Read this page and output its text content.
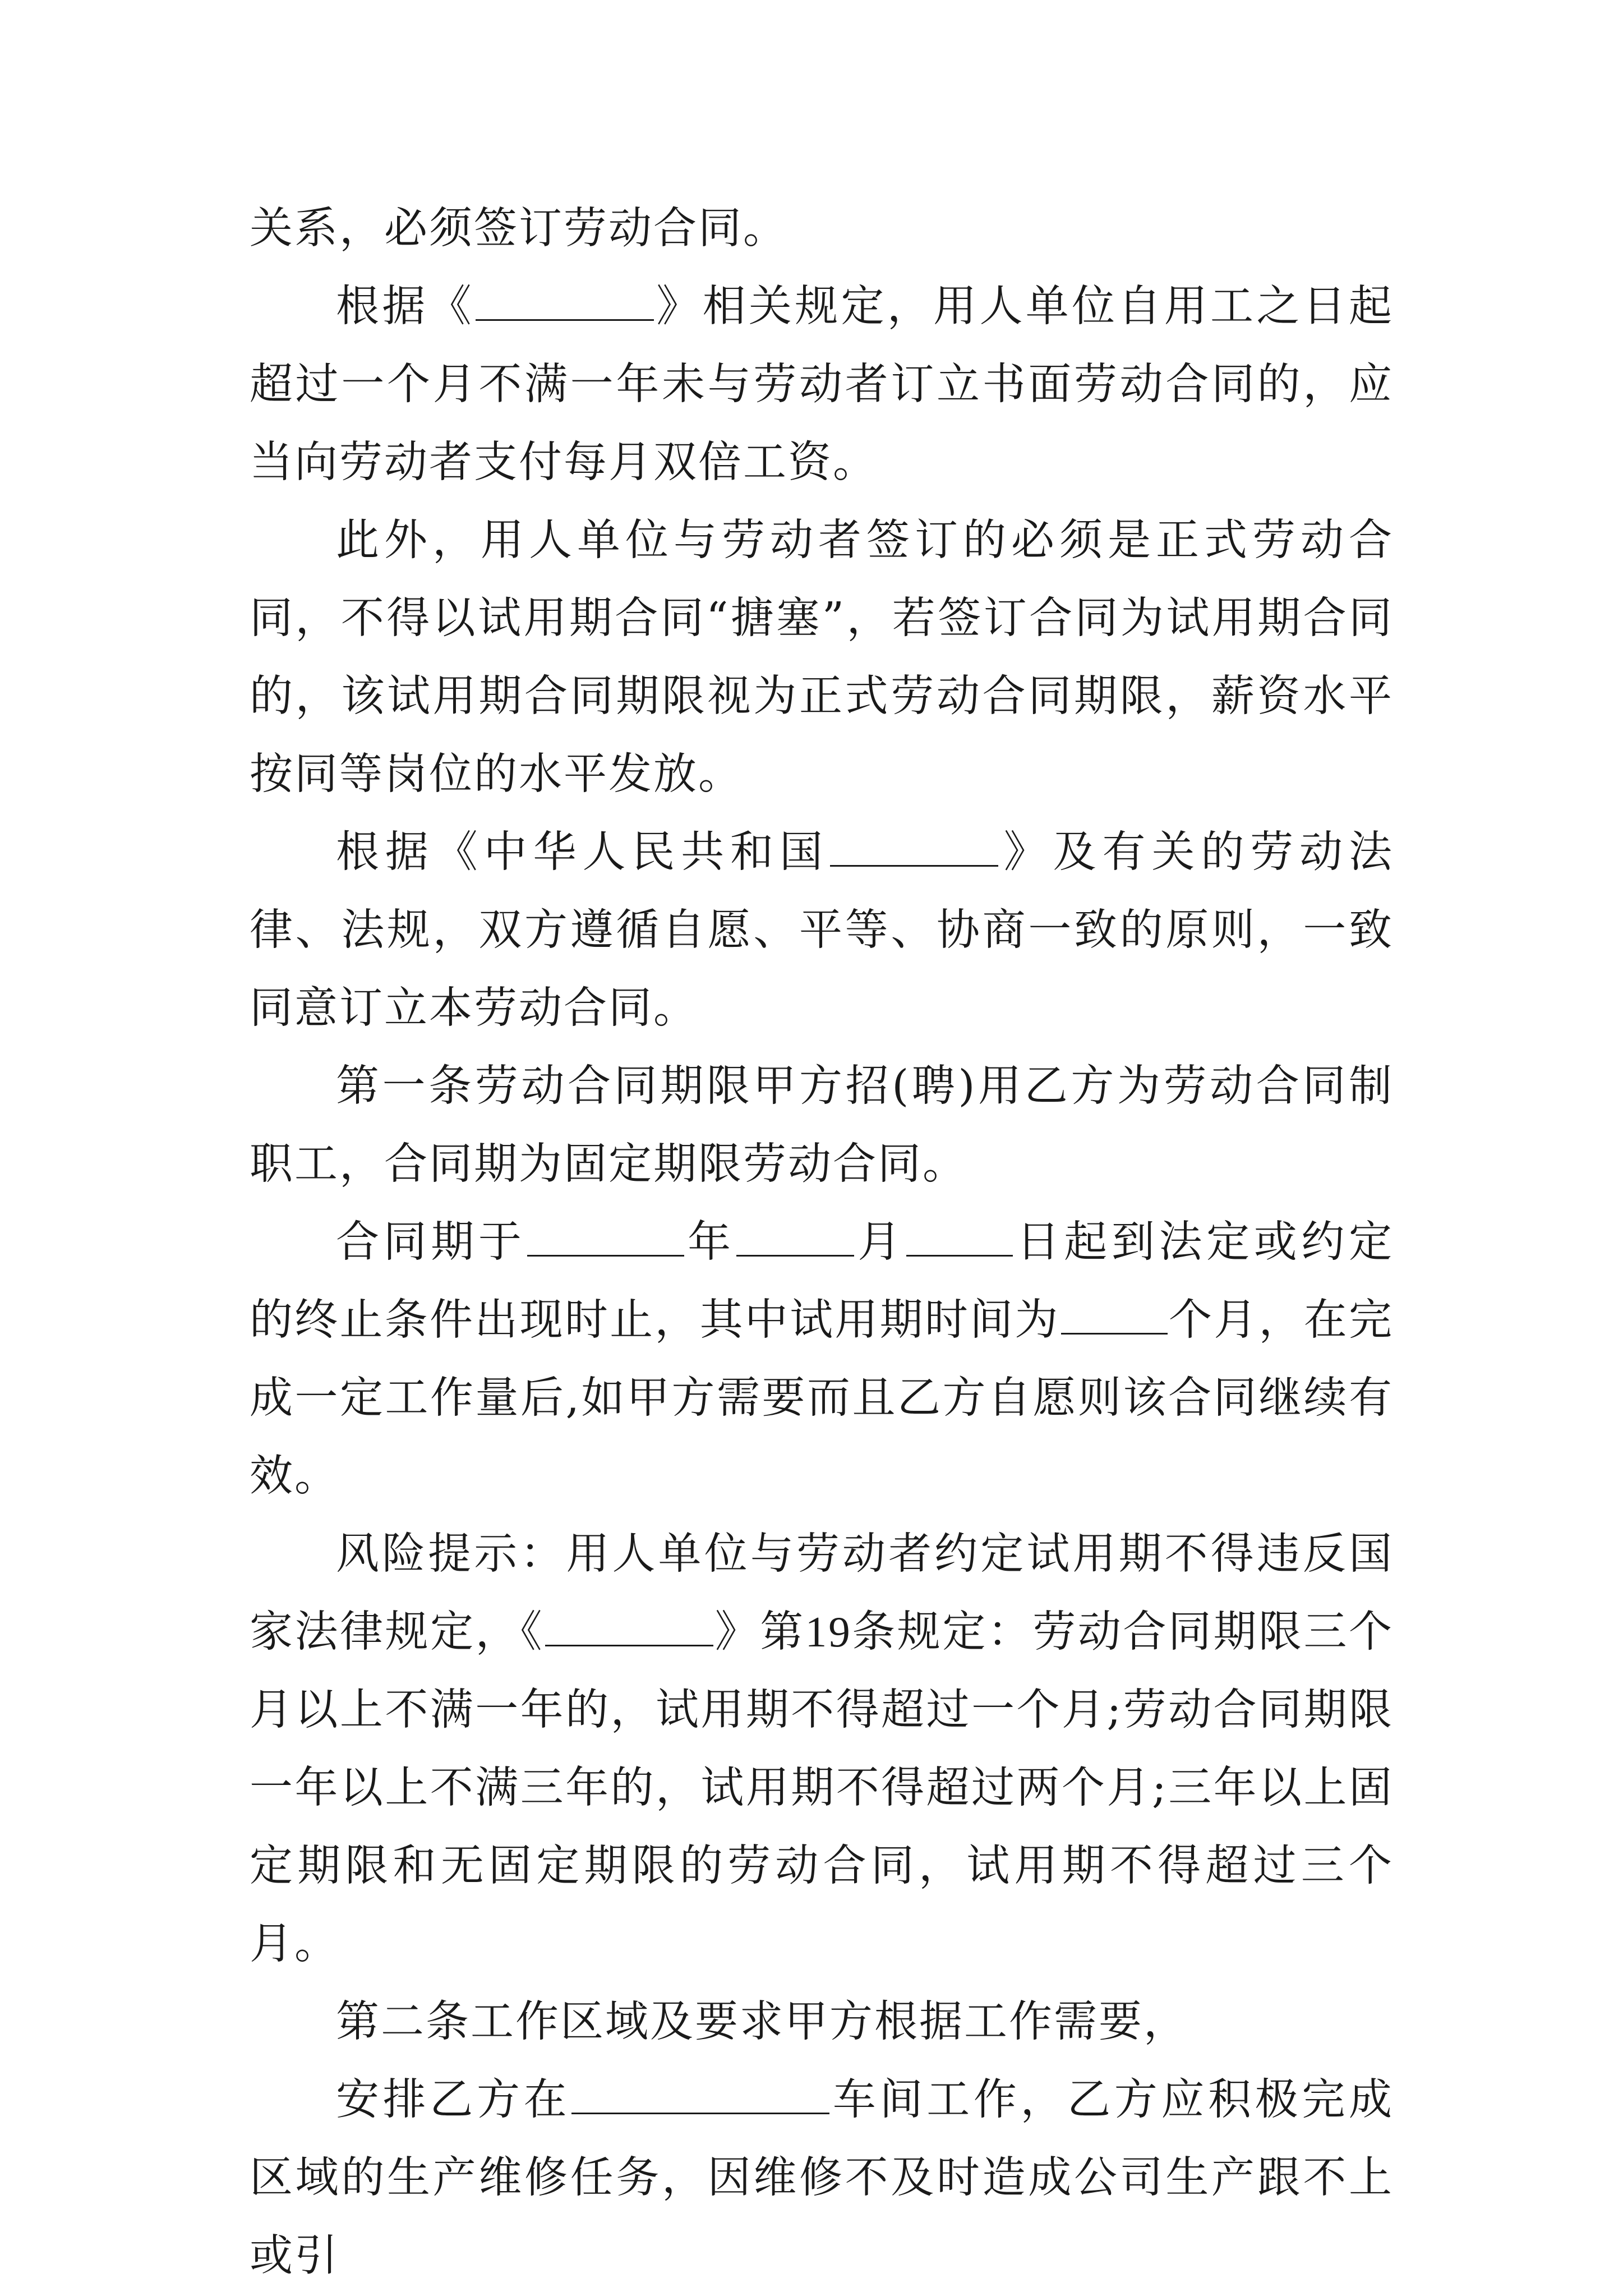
关系，必须签订劳动合同。

根据《	》相关规定，用人单位自用工之日起超过一个月不满一年未与劳动者订立书面劳动合同的，应当向劳动者支付每月双倍工资。

此外，用人单位与劳动者签订的必须是正式劳动合同，不得以试用期合同“搪塞”，若签订合同为试用期合同的，该试用期合同期限视为正式劳动合同期限，薪资水平按同等岗位的水平发放。

根据《中华人民共和国	》及有关的劳动法律、法规，双方遵循自愿、平等、协商一致的原则，一致同意订立本劳动合同。

第一条劳动合同期限甲方招(聘)用乙方为劳动合同制职工，合同期为固定期限劳动合同。

合同期于	年	月	日起到法定或约定的终止条件出现时止，其中试用期时间为	个月，在完成一定工作量后,如甲方需要而且乙方自愿则该合同继续有效。

风险提示：用人单位与劳动者约定试用期不得违反国家法律规定，《	》第19条规定：劳动合同期限三个月以上不满一年的，试用期不得超过一个月;劳动合同期限一年以上不满三年的，试用期不得超过两个月;三年以上固定期限和无固定期限的劳动合同，试用期不得超过三个月。

第二条工作区域及要求甲方根据工作需要，

安排乙方在	车间工作，乙方应积极完成区域的生产维修任务，因维修不及时造成公司生产跟不上或引
